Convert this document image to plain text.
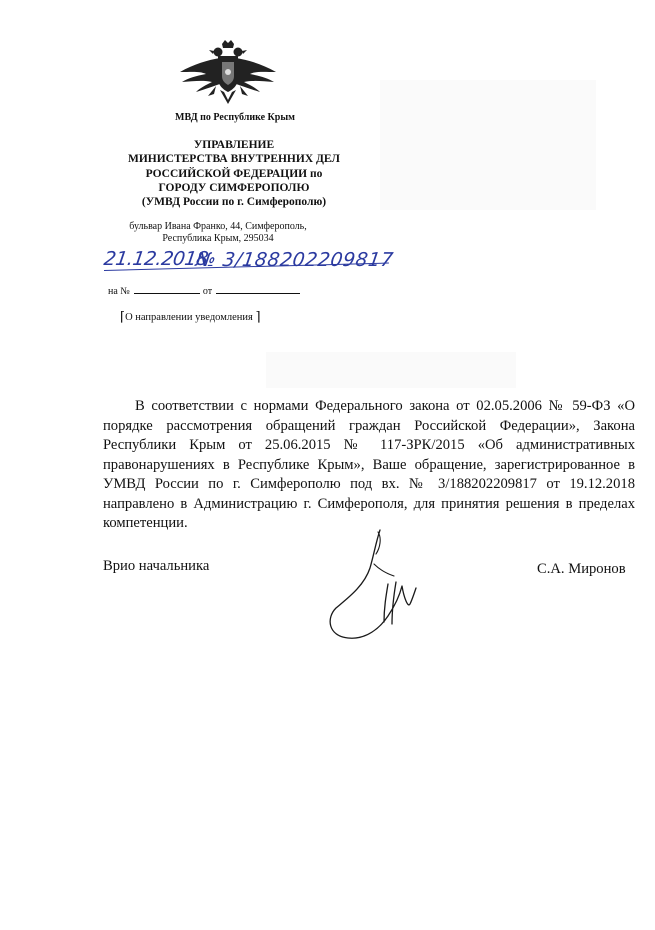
МВД по Республике Крым
УПРАВЛЕНИЕ
МИНИСТЕРСТВА ВНУТРЕННИХ ДЕЛ
РОССИЙСКОЙ ФЕДЕРАЦИИ по
ГОРОДУ СИМФЕРОПОЛЮ
(УМВД России по г. Симферополю)
бульвар Ивана Франко, 44, Симферополь,
Республика Крым, 295034
21.12.2018
№ 3/188202209817
на №	от
⌈О направлении уведомления ⌉

В соответствии с нормами Федерального закона от 02.05.2006 № 59-ФЗ «О порядке рассмотрения обращений граждан Российской Федерации», Закона Республики Крым от 25.06.2015 № 117-ЗРК/2015 «Об административных правонарушениях в Республике Крым», Ваше обращение, зарегистрированное в УМВД России по г. Симферополю под вх. № 3/188202209817 от 19.12.2018 направлено в Администрацию г. Симферополя, для принятия решения в пределах компетенции.

Врио начальника	С.А. Миронов
